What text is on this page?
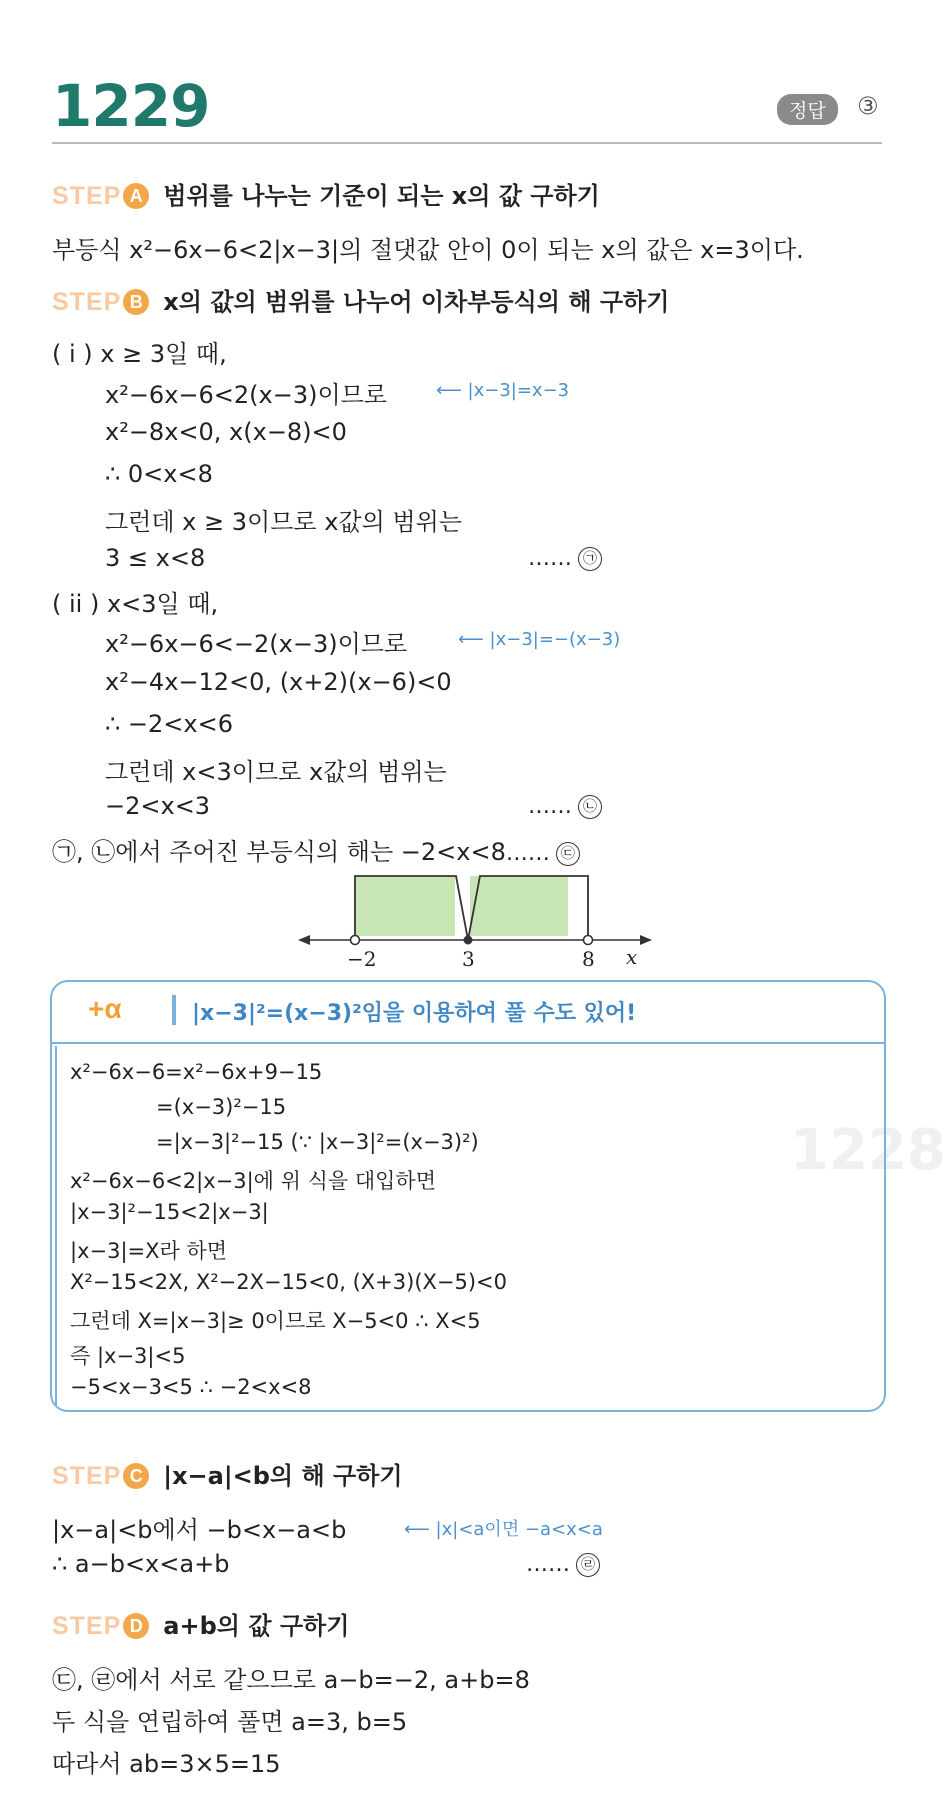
1229	정답	③
STEP A 범위를 나누는 기준이 되는 x의 값 구하기
부등식 x²−6x−6<2|x−3|의 절댓값 안이 0이 되는 x의 값은 x=3이다.
STEP B x의 값의 범위를 나누어 이차부등식의 해 구하기
( i ) x ≥ 3일 때,
x²−6x−6<2(x−3)이므로	⟵ |x−3|=x−3
x²−8x<0, x(x−8)<0
∴ 0<x<8
그런데 x ≥ 3이므로 x값의 범위는
3 ≤ x<8	…… ㉠
( ii ) x<3일 때,
x²−6x−6<−2(x−3)이므로	⟵ |x−3|=−(x−3)
x²−4x−12<0, (x+2)(x−6)<0
∴ −2<x<6
그런데 x<3이므로 x값의 범위는
−2<x<3	…… ㉡
㉠, ㉡에서 주어진 부등식의 해는 −2<x<8…… ㉢
−2	3	8 x
1228
+α	|x−3|²=(x−3)²임을 이용하여 풀 수도 있어!
x²−6x−6=x²−6x+9−15
=(x−3)²−15
=|x−3|²−15 (∵ |x−3|²=(x−3)²)
x²−6x−6<2|x−3|에 위 식을 대입하면
|x−3|²−15<2|x−3|
|x−3|=X라 하면
X²−15<2X, X²−2X−15<0, (X+3)(X−5)<0
그런데 X=|x−3|≥ 0이므로 X−5<0 ∴ X<5
즉 |x−3|<5
−5<x−3<5 ∴ −2<x<8
STEP C |x−a|<b의 해 구하기
|x−a|<b에서 −b<x−a<b	⟵ |x|<a이면 −a<x<a
∴ a−b<x<a+b	…… ㉣
STEP D a+b의 값 구하기
㉢, ㉣에서 서로 같으므로 a−b=−2, a+b=8
두 식을 연립하여 풀면 a=3, b=5
따라서 ab=3×5=15
